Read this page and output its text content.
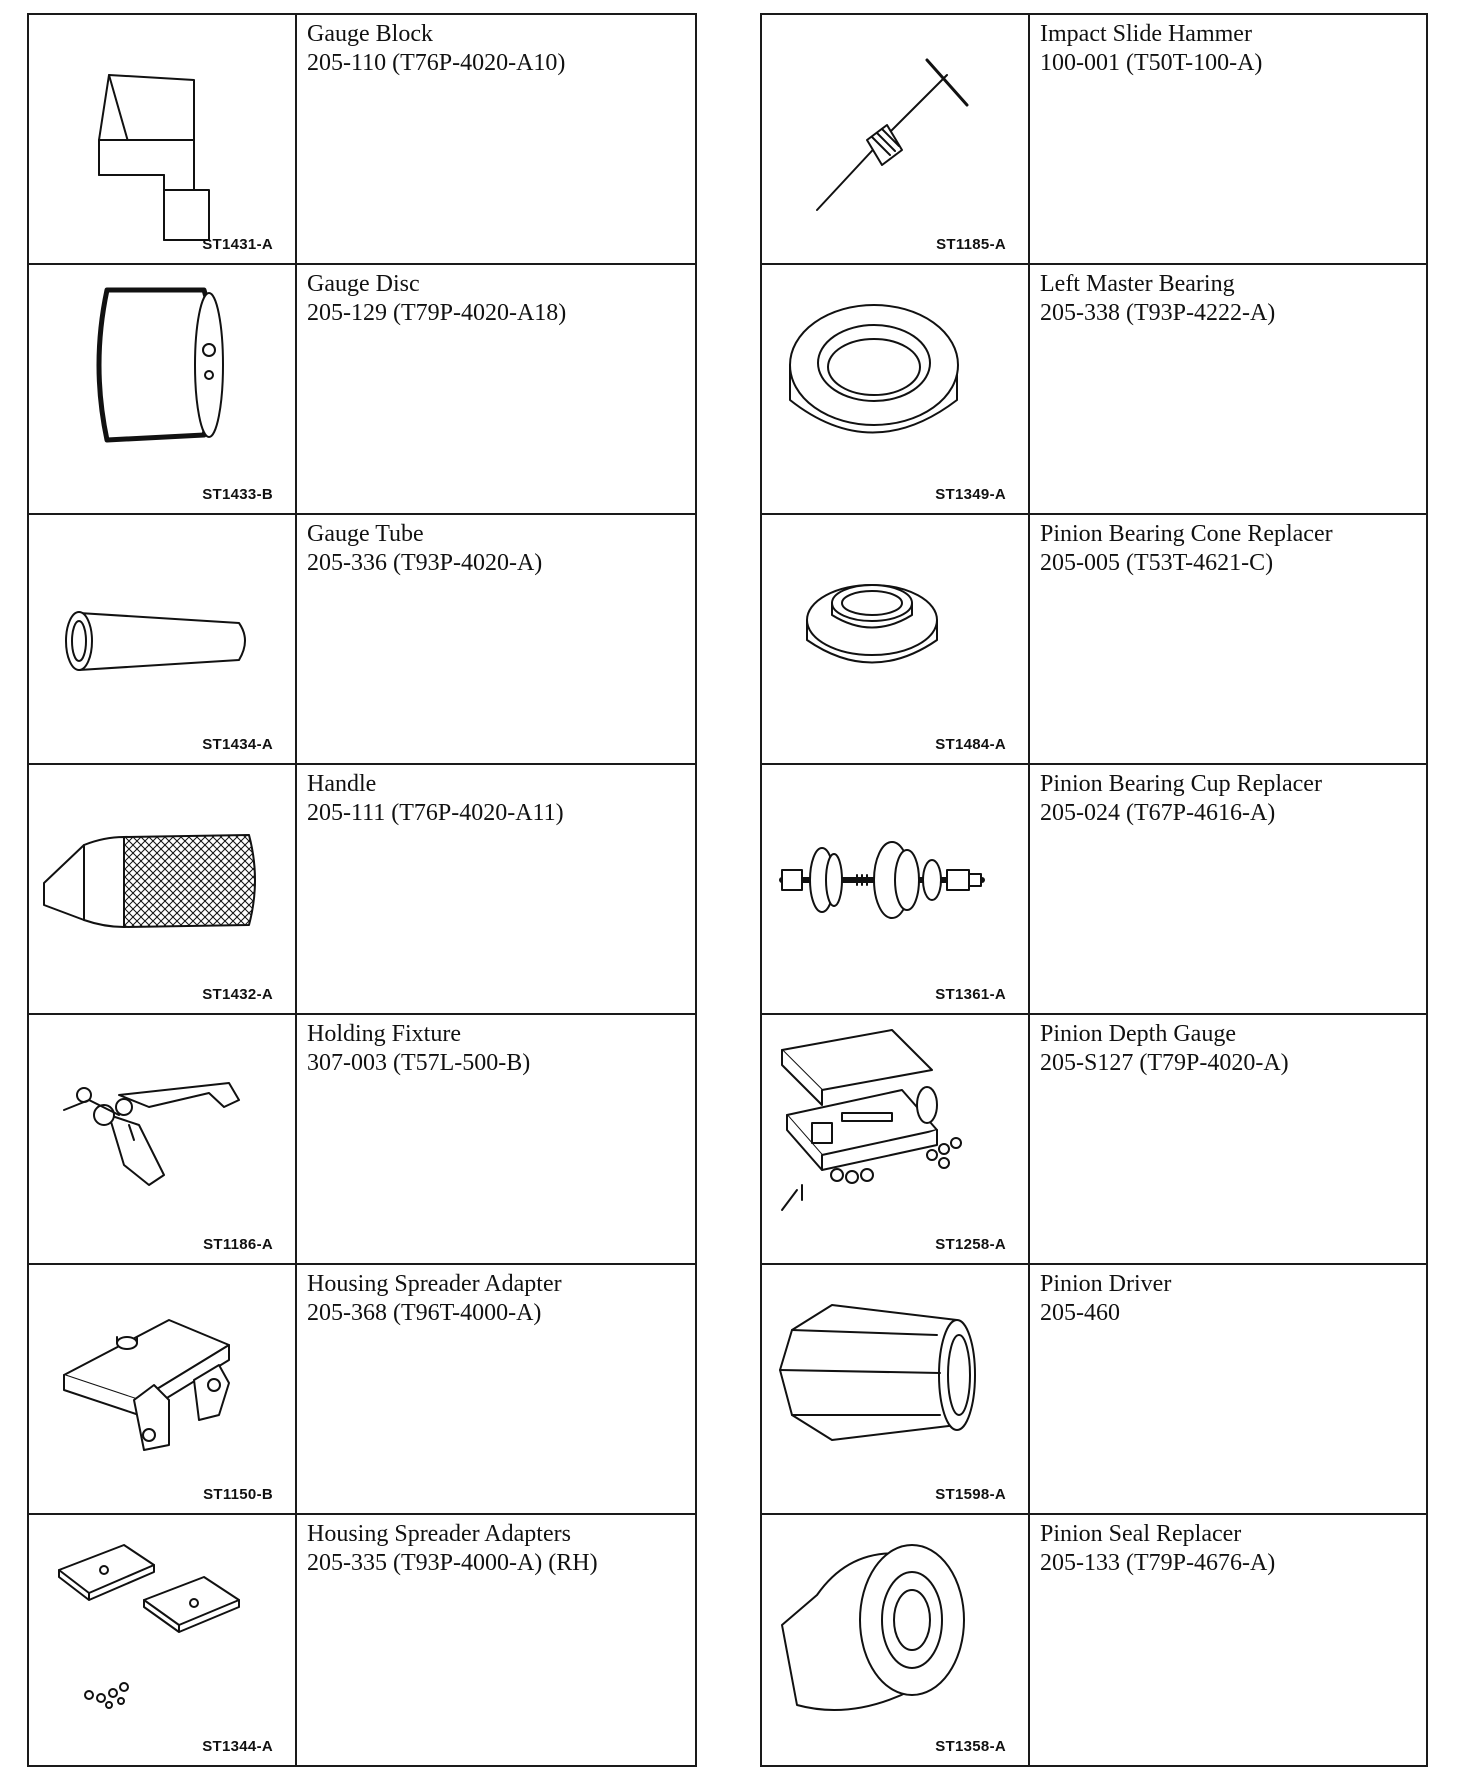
ST1431-A
Gauge Block
205-110 (T76P-4020-A10)
ST1433-B
Gauge Disc
205-129 (T79P-4020-A18)
ST1434-A
Gauge Tube
205-336 (T93P-4020-A)
ST1432-A
Handle
205-111 (T76P-4020-A11)
ST1186-A
Holding Fixture
307-003 (T57L-500-B)
ST1150-B
Housing Spreader Adapter
205-368 (T96T-4000-A)
ST1344-A
Housing Spreader Adapters
205-335 (T93P-4000-A) (RH)
ST1185-A
Impact Slide Hammer
100-001 (T50T-100-A)
ST1349-A
Left Master Bearing
205-338 (T93P-4222-A)
ST1484-A
Pinion Bearing Cone Replacer
205-005 (T53T-4621-C)
ST1361-A
Pinion Bearing Cup Replacer
205-024 (T67P-4616-A)
ST1258-A
Pinion Depth Gauge
205-S127 (T79P-4020-A)
ST1598-A
Pinion Driver
205-460
ST1358-A
Pinion Seal Replacer
205-133 (T79P-4676-A)
